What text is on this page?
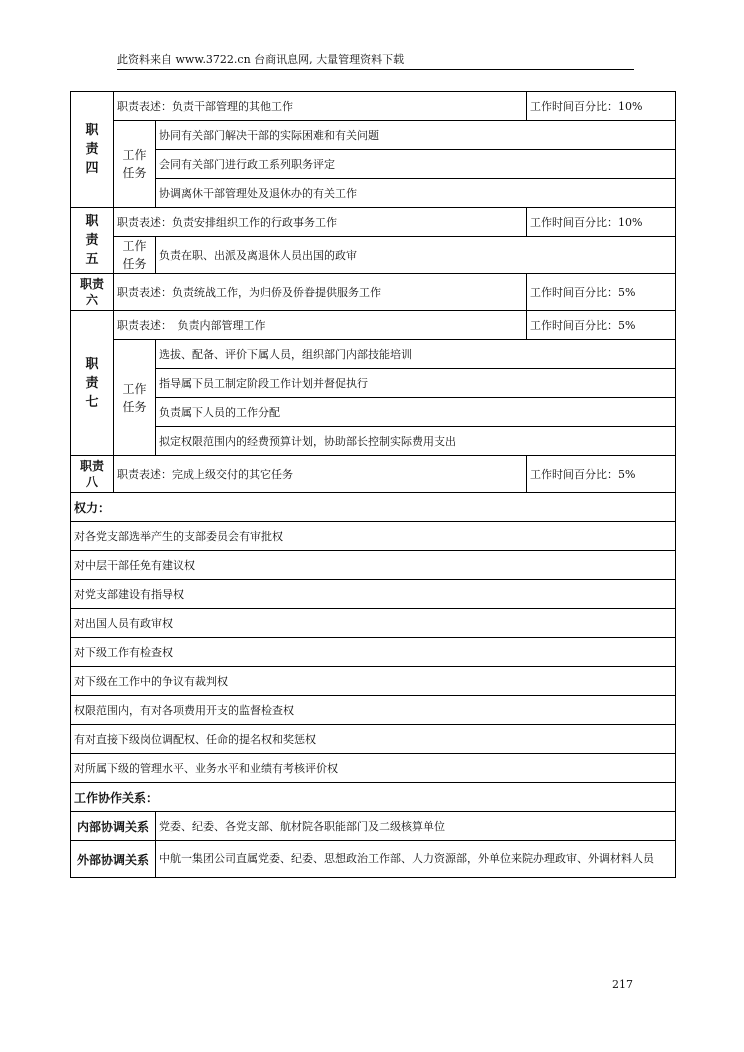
此资料来自 www.3722.cn 台商讯息网, 大量管理资料下载
职
责
四	职责表述：负责干部管理的其他工作		工作时间百分比：10%

	工作
任务	协同有关部门解决干部的实际困难和有关问题	
		会同有关部门进行政工系列职务评定	
		协调离休干部管理处及退休办的有关工作	

职
责
五	职责表述：负责安排组织工作的行政事务工作		工作时间百分比：10%

	工作
任务	负责在职、出派及离退休人员出国的政审	

职责
六	职责表述：负责统战工作，为归侨及侨眷提供服务工作		工作时间百分比：5%

职
责
七	职责表述：　负责内部管理工作		工作时间百分比：5%

	工作
任务	选拔、配备、评价下属人员，组织部门内部技能培训	
		指导属下员工制定阶段工作计划并督促执行	
		负责属下人员的工作分配	
		拟定权限范围内的经费预算计划，协助部长控制实际费用支出	

职责
八	职责表述：完成上级交付的其它任务		工作时间百分比：5%
权力：			
对各党支部选举产生的支部委员会有审批权			
对中层干部任免有建议权			
对党支部建设有指导权			
对出国人员有政审权			
对下级工作有检查权			
对下级在工作中的争议有裁判权			
权限范围内，有对各项费用开支的监督检查权			
有对直接下级岗位调配权、任命的提名权和奖惩权			
对所属下级的管理水平、业务水平和业绩有考核评价权			
工作协作关系：			
内部协调关系		党委、纪委、各党支部、航材院各职能部门及二级核算单位	
外部协调关系		中航一集团公司直属党委、纪委、思想政治工作部、人力资源部，外单位来院办理政审、外调材料人员	
217
